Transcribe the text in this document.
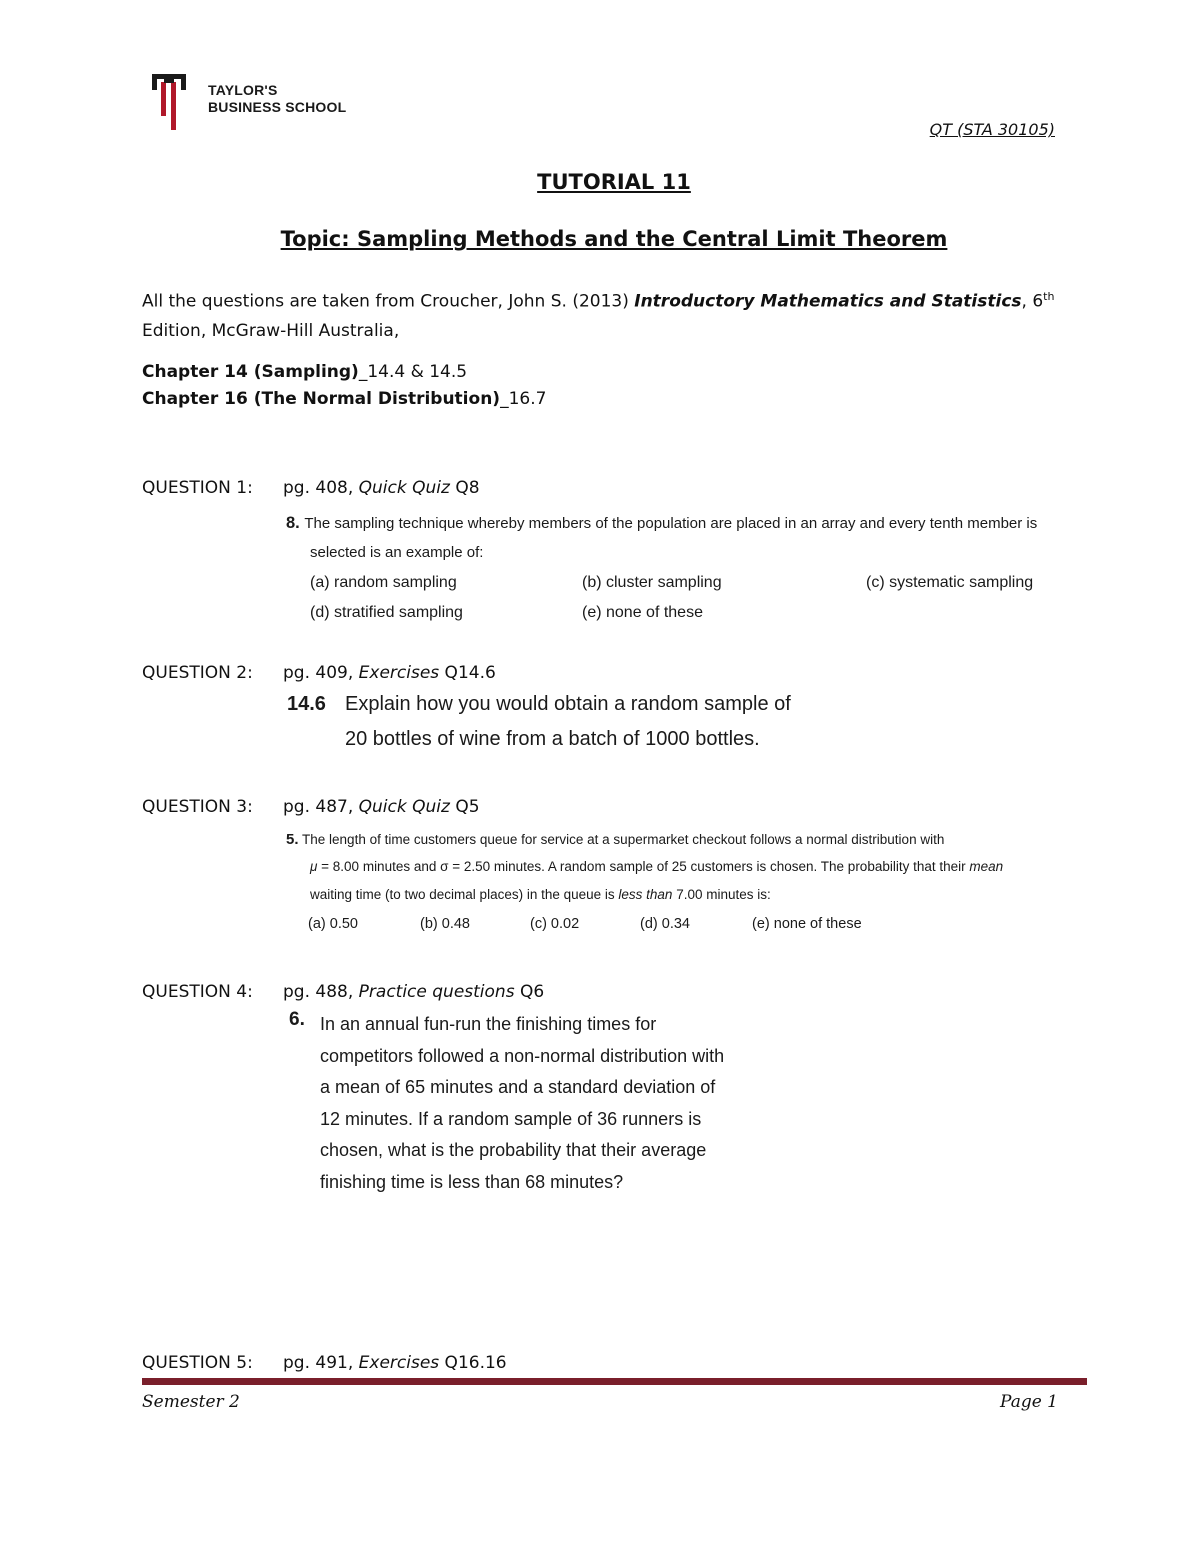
TAYLOR'S
BUSINESS SCHOOL
QT (STA 30105)
TUTORIAL 11
Topic: Sampling Methods and the Central Limit Theorem
All the questions are taken from Croucher, John S. (2013) Introductory Mathematics and Statistics, 6th Edition, McGraw-Hill Australia,
Chapter 14 (Sampling)_14.4 & 14.5
Chapter 16 (The Normal Distribution)_16.7
QUESTION 1: pg. 408, Quick Quiz Q8
8. The sampling technique whereby members of the population are placed in an array and every tenth member is
selected is an example of:
(a) random sampling	(b) cluster sampling	(c) systematic sampling
(d) stratified sampling	(e) none of these
QUESTION 2: pg. 409, Exercises Q14.6
14.6 Explain how you would obtain a random sample of
20 bottles of wine from a batch of 1000 bottles.
QUESTION 3: pg. 487, Quick Quiz Q5
5. The length of time customers queue for service at a supermarket checkout follows a normal distribution with
μ = 8.00 minutes and σ = 2.50 minutes. A random sample of 25 customers is chosen. The probability that their mean
waiting time (to two decimal places) in the queue is less than 7.00 minutes is:
(a) 0.50	(b) 0.48	(c) 0.02	(d) 0.34	(e) none of these
QUESTION 4: pg. 488, Practice questions Q6
6. In an annual fun-run the finishing times for
competitors followed a non-normal distribution with
a mean of 65 minutes and a standard deviation of
12 minutes. If a random sample of 36 runners is
chosen, what is the probability that their average
finishing time is less than 68 minutes?
QUESTION 5: pg. 491, Exercises Q16.16
Semester 2	Page 1
